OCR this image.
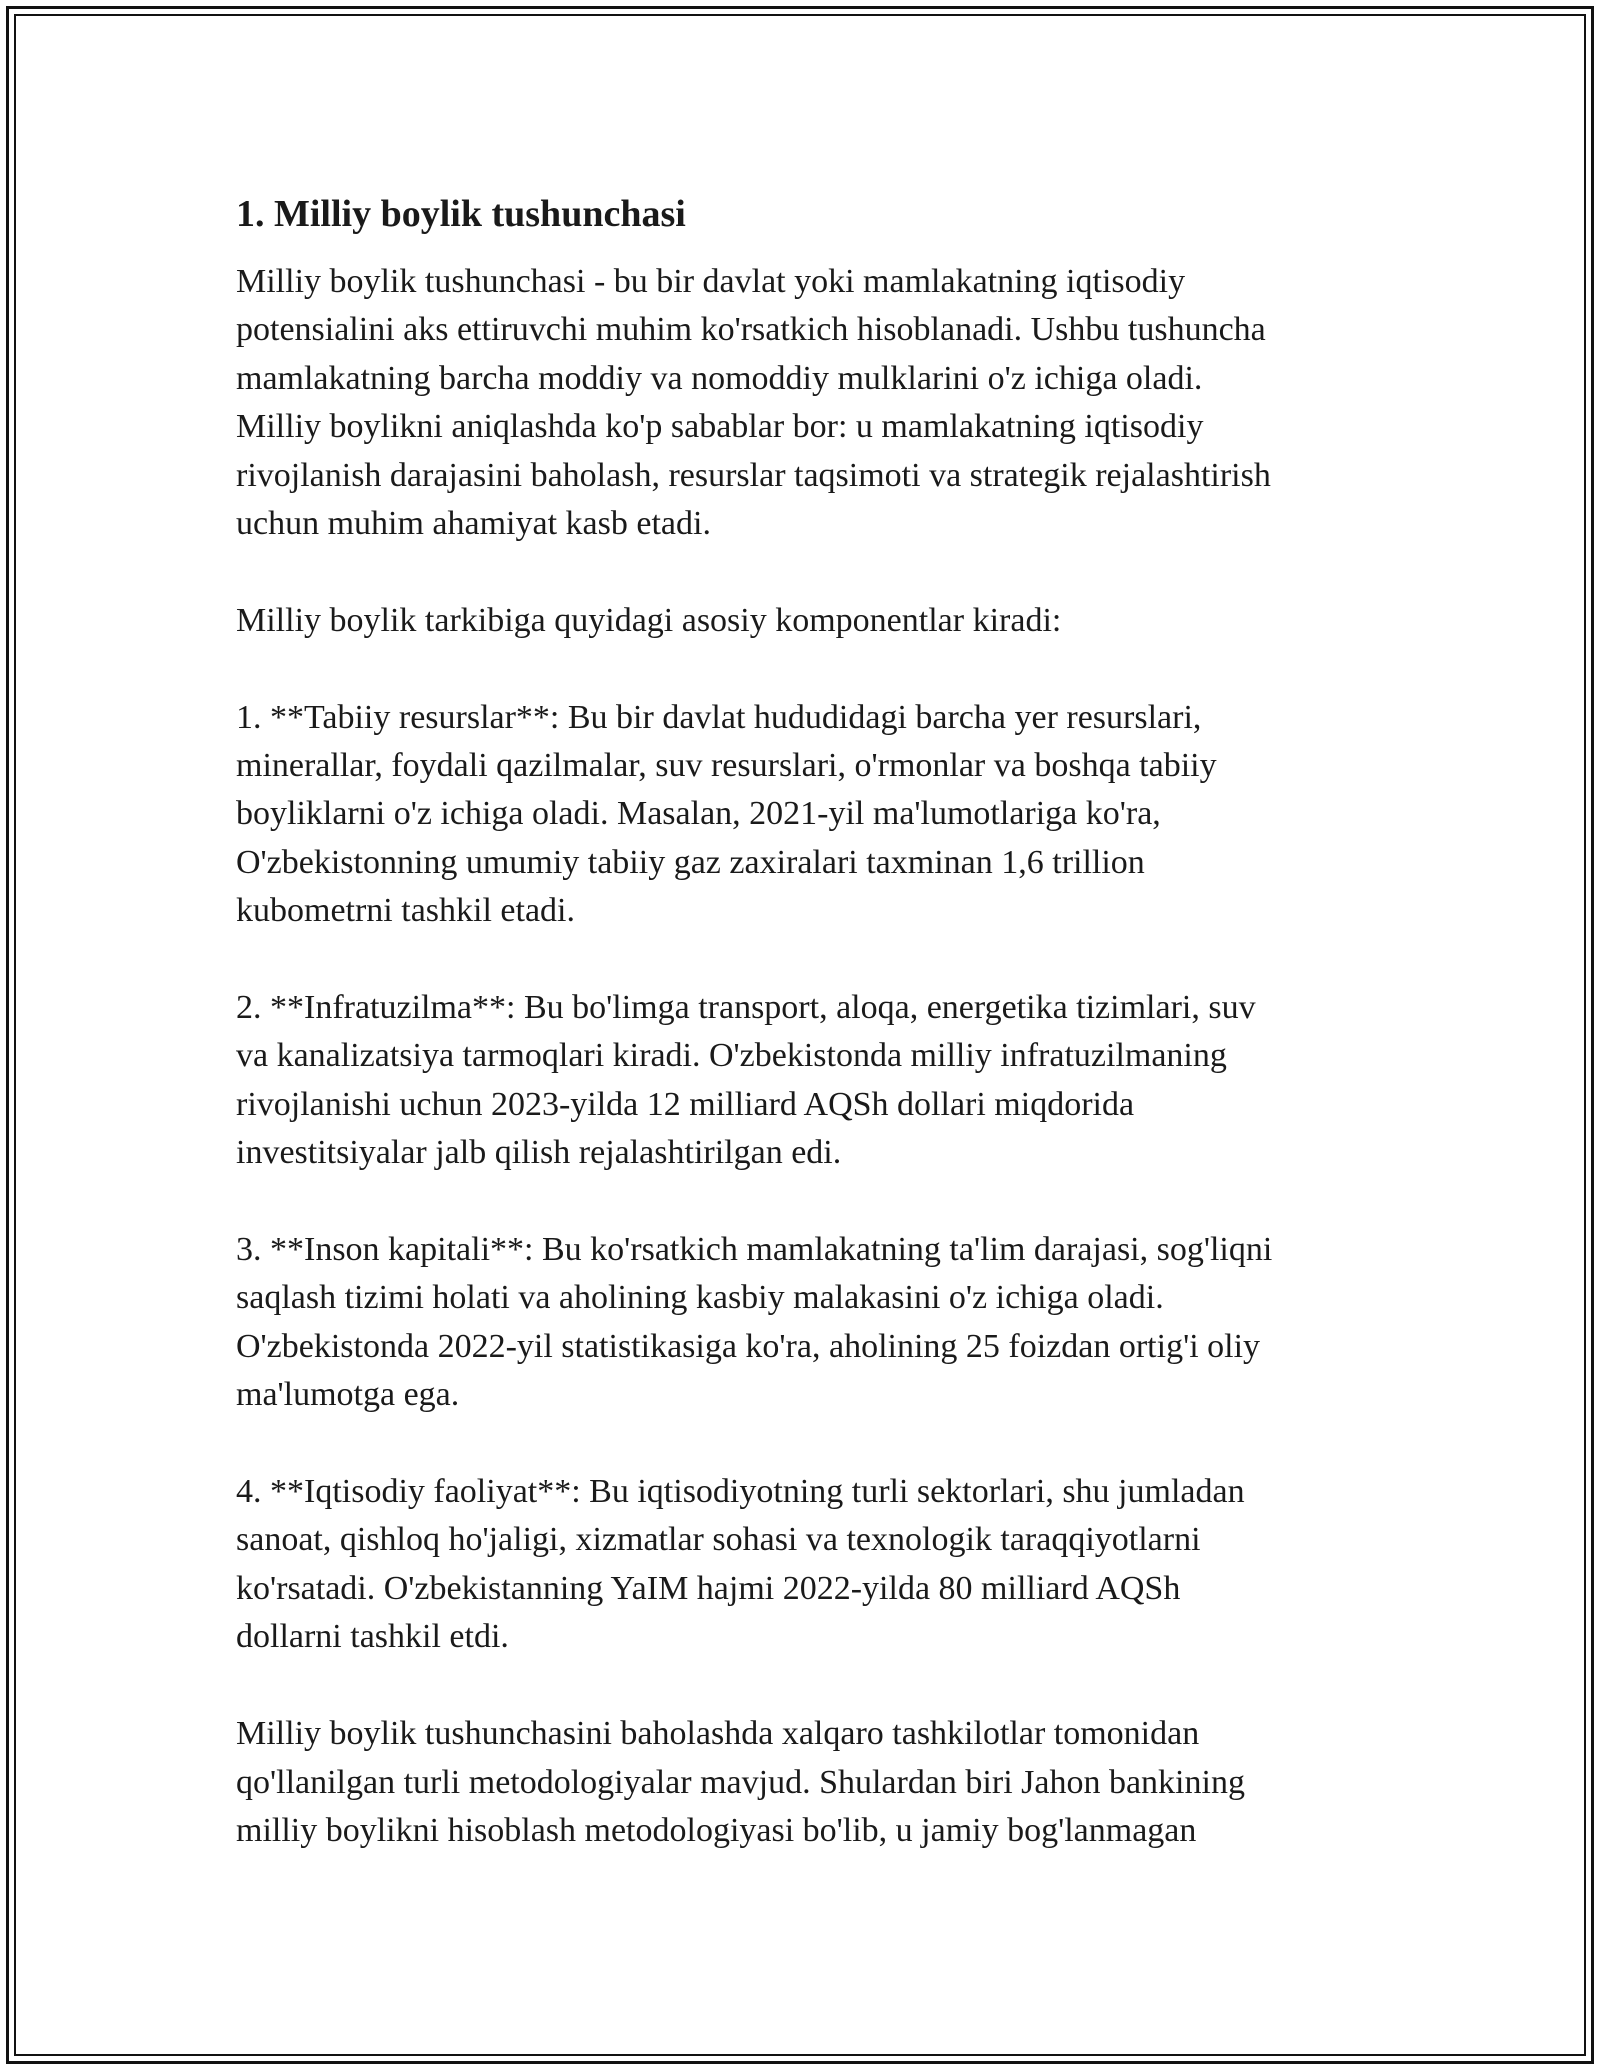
1. Milliy boylik tushunchasi

Milliy boylik tushunchasi - bu bir davlat yoki mamlakatning iqtisodiy
potensialini aks ettiruvchi muhim ko'rsatkich hisoblanadi. Ushbu tushuncha
mamlakatning barcha moddiy va nomoddiy mulklarini o'z ichiga oladi.
Milliy boylikni aniqlashda ko'p sabablar bor: u mamlakatning iqtisodiy
rivojlanish darajasini baholash, resurslar taqsimoti va strategik rejalashtirish
uchun muhim ahamiyat kasb etadi.

Milliy boylik tarkibiga quyidagi asosiy komponentlar kiradi:

1. **Tabiiy resurslar**: Bu bir davlat hududidagi barcha yer resurslari,
minerallar, foydali qazilmalar, suv resurslari, o'rmonlar va boshqa tabiiy
boyliklarni o'z ichiga oladi. Masalan, 2021-yil ma'lumotlariga ko'ra,
O'zbekistonning umumiy tabiiy gaz zaxiralari taxminan 1,6 trillion
kubometrni tashkil etadi.

2. **Infratuzilma**: Bu bo'limga transport, aloqa, energetika tizimlari, suv
va kanalizatsiya tarmoqlari kiradi. O'zbekistonda milliy infratuzilmaning
rivojlanishi uchun 2023-yilda 12 milliard AQSh dollari miqdorida
investitsiyalar jalb qilish rejalashtirilgan edi.

3. **Inson kapitali**: Bu ko'rsatkich mamlakatning ta'lim darajasi, sog'liqni
saqlash tizimi holati va aholining kasbiy malakasini o'z ichiga oladi.
O'zbekistonda 2022-yil statistikasiga ko'ra, aholining 25 foizdan ortig'i oliy
ma'lumotga ega.

4. **Iqtisodiy faoliyat**: Bu iqtisodiyotning turli sektorlari, shu jumladan
sanoat, qishloq ho'jaligi, xizmatlar sohasi va texnologik taraqqiyotlarni
ko'rsatadi. O'zbekistanning YaIM hajmi 2022-yilda 80 milliard AQSh
dollarni tashkil etdi.

Milliy boylik tushunchasini baholashda xalqaro tashkilotlar tomonidan
qo'llanilgan turli metodologiyalar mavjud. Shulardan biri Jahon bankining
milliy boylikni hisoblash metodologiyasi bo'lib, u jamiy bog'lanmagan
